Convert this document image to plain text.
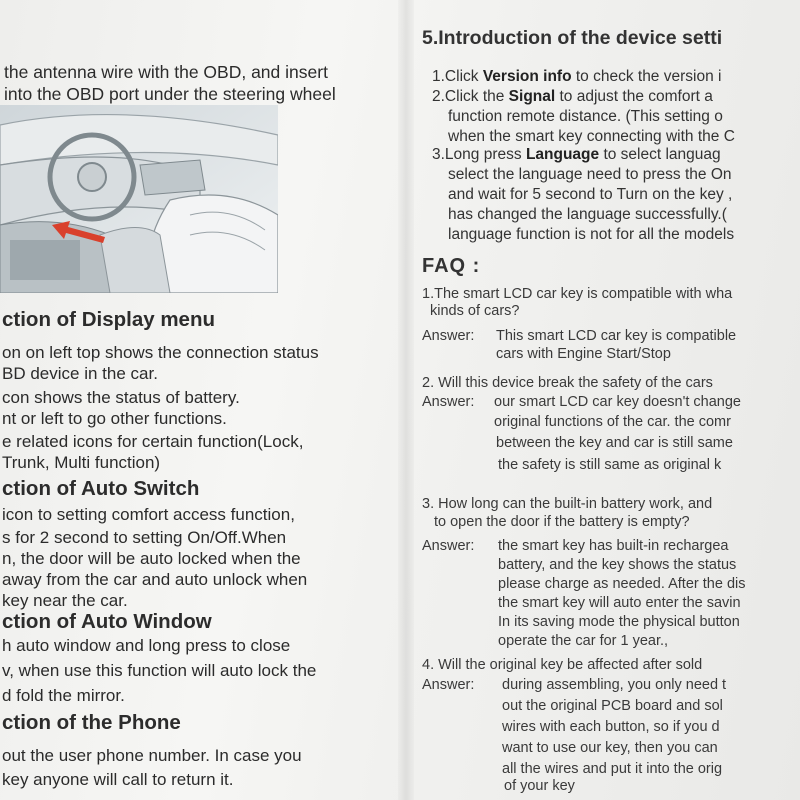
the antenna wire with the OBD, and insert
into the OBD port under the steering wheel
ction of Display menu
on on left top shows the connection status
BD device in the car.
con shows the status of battery.
nt or left to go other functions.
e related icons for certain function(Lock,
Trunk, Multi function)
ction of Auto Switch
icon to setting comfort access function,
s for 2 second to setting On/Off.When
n, the door will be auto locked when the
away from the car and auto unlock when
key near the car.
ction of Auto Window
h auto window and long press to close
v, when use this function will auto lock the
d fold the mirror.
ction of the Phone
out the user phone number. In case you
key anyone will call to return it.
5.Introduction of the device setti
1.Click Version info to check the version i
2.Click the Signal to adjust the comfort a
function remote distance. (This setting o
when the smart key connecting with the C
3.Long press Language to select languag
select the language need to press the On
and wait for 5 second to Turn on the key ,
has changed the language successfully.(
language function is not for all the models
FAQ :
1.The smart LCD car key is compatible with wha
kinds of cars?
Answer: This smart LCD car key is compatible
cars with Engine Start/Stop
2. Will this device break the safety of the cars
Answer: our smart LCD car key doesn't change
original functions of the car. the comr
between the key and car is still same
the safety is still same as original k
3. How long can the built-in battery work, and
to open the door if the battery is empty?
Answer: the smart key has built-in rechargea
battery, and the key shows the status
please charge as needed. After the dis
the smart key will auto enter the savin
In its saving mode the physical button
operate the car for 1 year.,
4. Will the original key be affected after sold
Answer: during assembling, you only need t
out the original PCB board and sol
wires with each button, so if you d
want to use our key, then you can
all the wires and put it into the orig
of your key
